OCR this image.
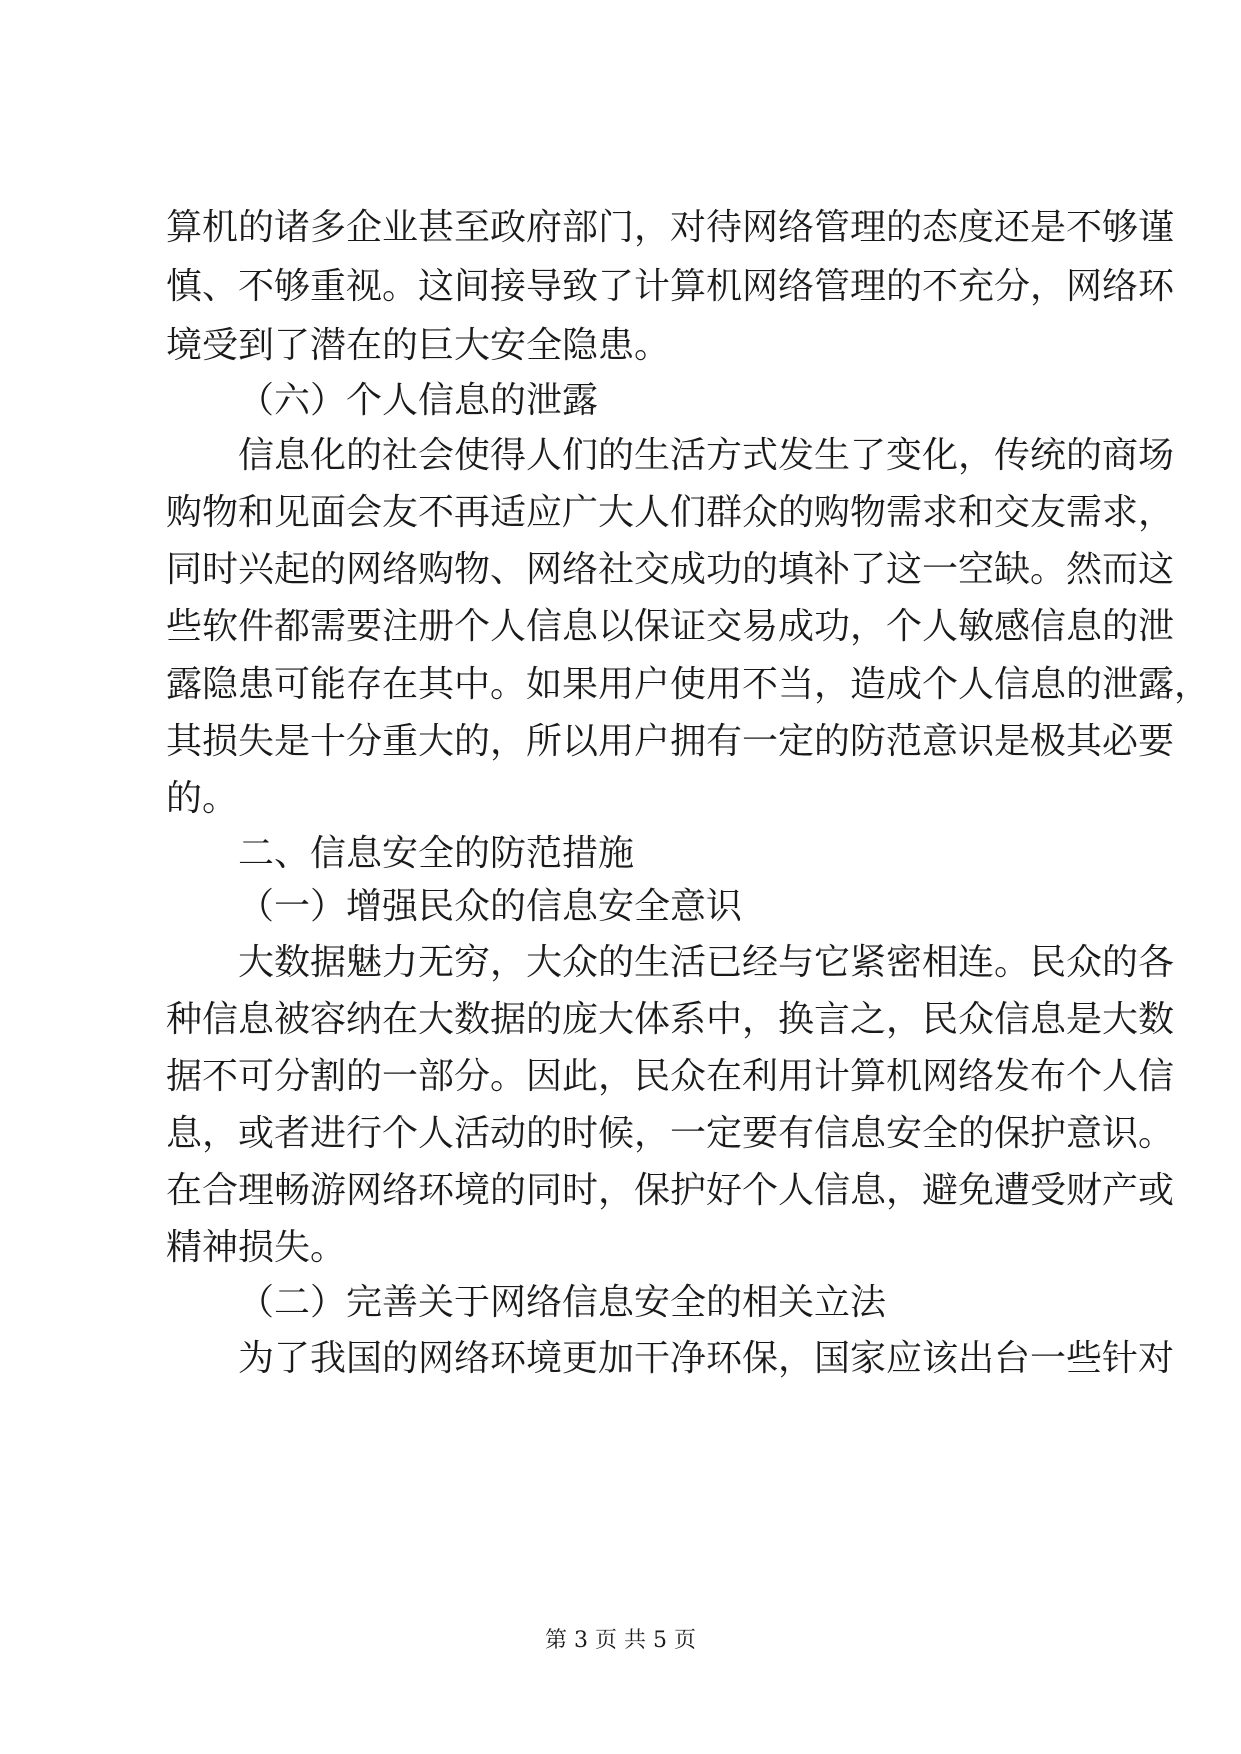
算机的诸多企业甚至政府部门，对待网络管理的态度还是不够谨
慎、不够重视。这间接导致了计算机网络管理的不充分，网络环
境受到了潜在的巨大安全隐患。
（六）个人信息的泄露
信息化的社会使得人们的生活方式发生了变化，传统的商场
购物和见面会友不再适应广大人们群众的购物需求和交友需求，
同时兴起的网络购物、网络社交成功的填补了这一空缺。然而这
些软件都需要注册个人信息以保证交易成功，个人敏感信息的泄
露隐患可能存在其中。如果用户使用不当，造成个人信息的泄露，
其损失是十分重大的，所以用户拥有一定的防范意识是极其必要
的。
二、信息安全的防范措施
（一）增强民众的信息安全意识
大数据魅力无穷，大众的生活已经与它紧密相连。民众的各
种信息被容纳在大数据的庞大体系中，换言之，民众信息是大数
据不可分割的一部分。因此，民众在利用计算机网络发布个人信
息，或者进行个人活动的时候，一定要有信息安全的保护意识。
在合理畅游网络环境的同时，保护好个人信息，避免遭受财产或
精神损失。
（二）完善关于网络信息安全的相关立法
为了我国的网络环境更加干净环保，国家应该出台一些针对
第 3 页 共 5 页
